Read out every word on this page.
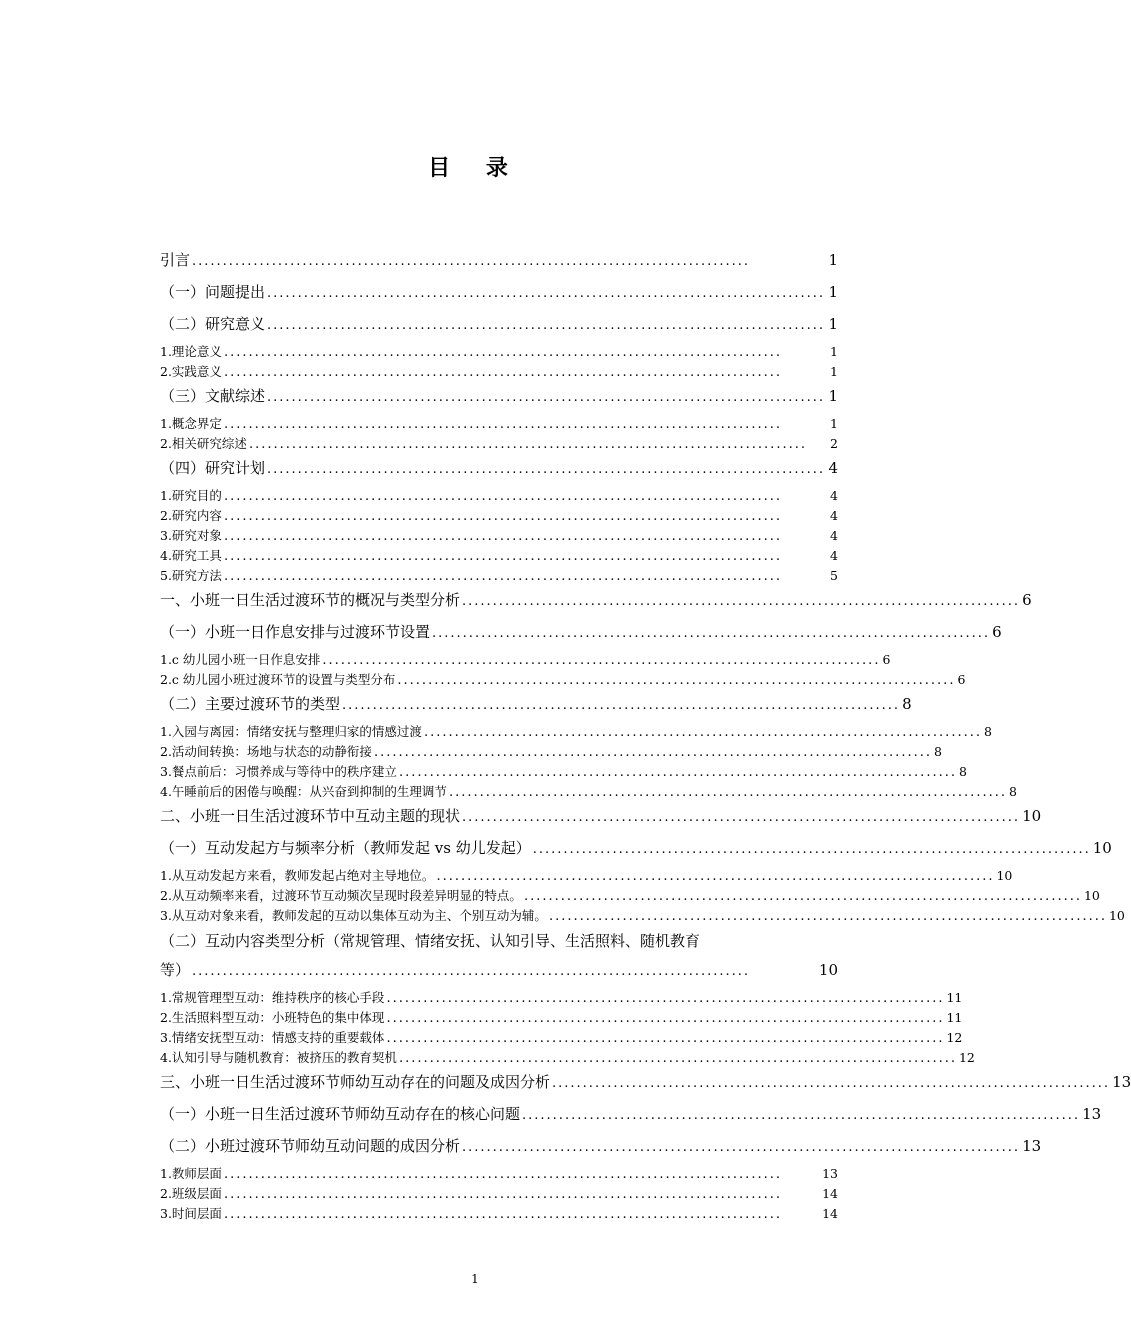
目 录
引言 ...........................................................................................	1
（一）问题提出 ........................................................................................... 1
（二）研究意义 ........................................................................................... 1
1.理论意义 ...........................................................................................	1
2.实践意义 ...........................................................................................	1
（三）文献综述 ........................................................................................... 1
1.概念界定 ...........................................................................................	1
2.相关研究综述 ...........................................................................................	2
（四）研究计划 ........................................................................................... 4
1.研究目的 ...........................................................................................	4
2.研究内容 ...........................................................................................	4
3.研究对象 ...........................................................................................	4
4.研究工具 ...........................................................................................	4
5.研究方法 ...........................................................................................	5
一、小班一日生活过渡环节的概况与类型分析 ........................................................................................... 6
（一）小班一日作息安排与过渡环节设置 ........................................................................................... 6
1.c 幼儿园小班一日作息安排 ........................................................................................... 6
2.c 幼儿园小班过渡环节的设置与类型分布 ........................................................................................... 6
（二）主要过渡环节的类型 ........................................................................................... 8
1.入园与离园：情绪安抚与整理归家的情感过渡 ........................................................................................... 8
2.活动间转换：场地与状态的动静衔接 ........................................................................................... 8
3.餐点前后：习惯养成与等待中的秩序建立 ........................................................................................... 8
4.午睡前后的困倦与唤醒：从兴奋到抑制的生理调节 ........................................................................................... 8
二、小班一日生活过渡环节中互动主题的现状 ........................................................................................... 10
（一）互动发起方与频率分析（教师发起 vs 幼儿发起） ........................................................................................... 10
1.从互动发起方来看，教师发起占绝对主导地位。 ........................................................................................... 10
2.从互动频率来看，过渡环节互动频次呈现时段差异明显的特点。 ........................................................................................... 10
3.从互动对象来看，教师发起的互动以集体互动为主、个别互动为辅。 ........................................................................................... 10
（二）互动内容类型分析（常规管理、情绪安抚、认知引导、生活照料、随机教育
等） ...........................................................................................	10
1.常规管理型互动：维持秩序的核心手段 ........................................................................................... 11
2.生活照料型互动：小班特色的集中体现 ........................................................................................... 11
3.情绪安抚型互动：情感支持的重要载体 ........................................................................................... 12
4.认知引导与随机教育：被挤压的教育契机 ........................................................................................... 12
三、小班一日生活过渡环节师幼互动存在的问题及成因分析 ........................................................................................... 13
（一）小班一日生活过渡环节师幼互动存在的核心问题 ........................................................................................... 13
（二）小班过渡环节师幼互动问题的成因分析 ........................................................................................... 13
1.教师层面 ...........................................................................................	13
2.班级层面 ...........................................................................................	14
3.时间层面 ...........................................................................................	14
1
